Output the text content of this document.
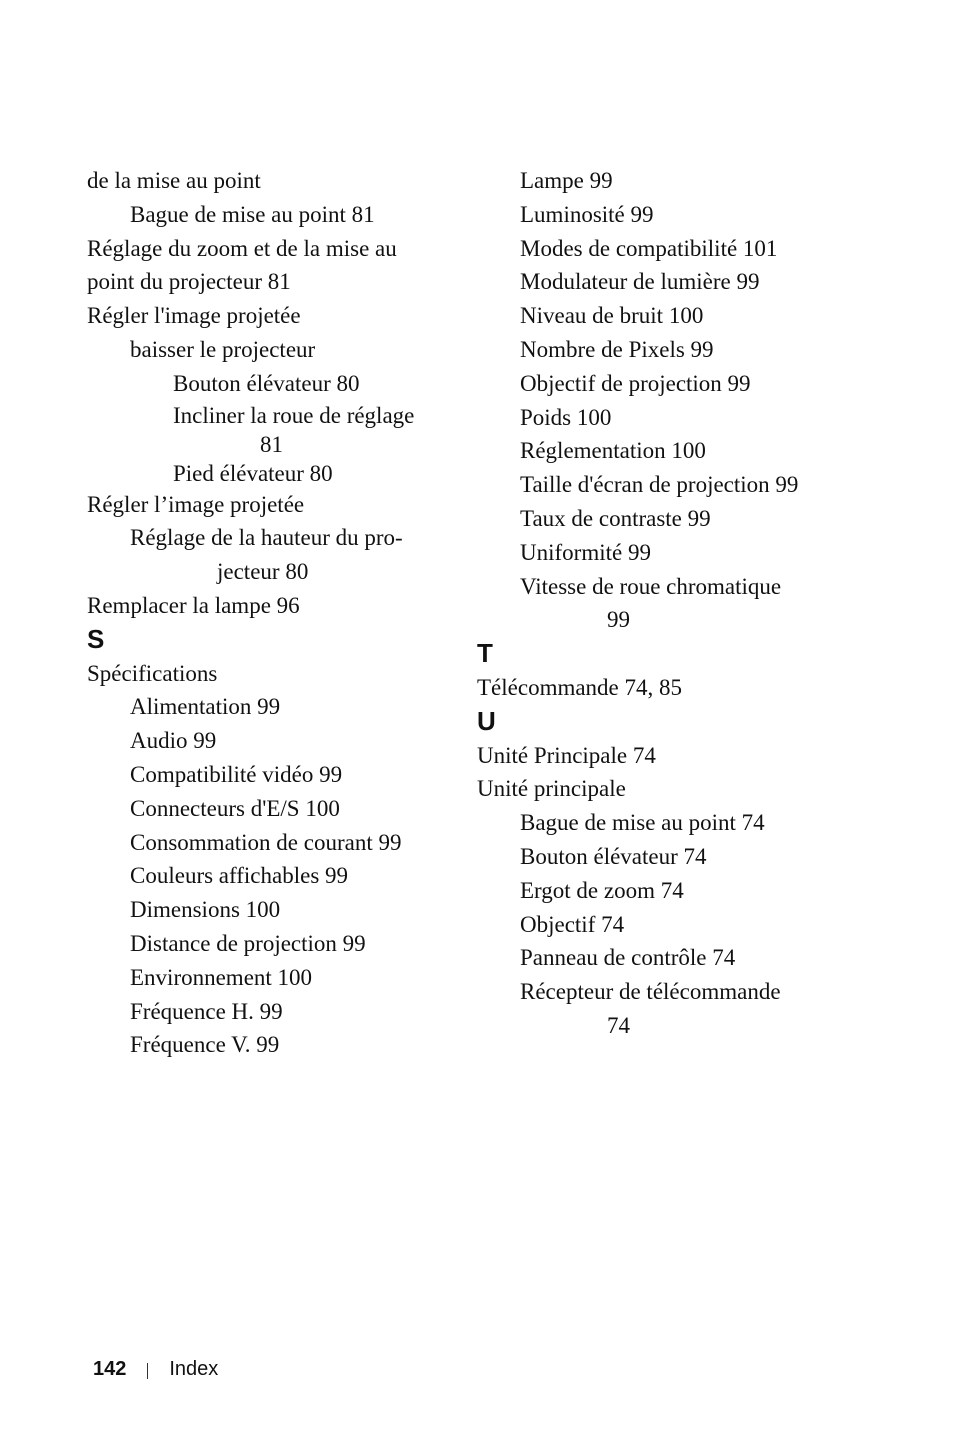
de la mise au point
Bague de mise au point 81
Réglage du zoom et de la mise au
point du projecteur 81
Régler l'image projetée
baisser le projecteur
Bouton élévateur 80
Incliner la roue de réglage
81
Pied élévateur 80
Régler l’image projetée
Réglage de la hauteur du pro-
jecteur 80
Remplacer la lampe 96
S
Spécifications
Alimentation 99
Audio 99
Compatibilité vidéo 99
Connecteurs d'E/S 100
Consommation de courant 99
Couleurs affichables 99
Dimensions 100
Distance de projection 99
Environnement 100
Fréquence H. 99
Fréquence V. 99
Lampe 99
Luminosité 99
Modes de compatibilité 101
Modulateur de lumière 99
Niveau de bruit 100
Nombre de Pixels 99
Objectif de projection 99
Poids 100
Réglementation 100
Taille d'écran de projection 99
Taux de contraste 99
Uniformité 99
Vitesse de roue chromatique
99
T
Télécommande 74, 85
U
Unité Principale 74
Unité principale
Bague de mise au point 74
Bouton élévateur 74
Ergot de zoom 74
Objectif 74
Panneau de contrôle 74
Récepteur de télécommande
74
142 Index
